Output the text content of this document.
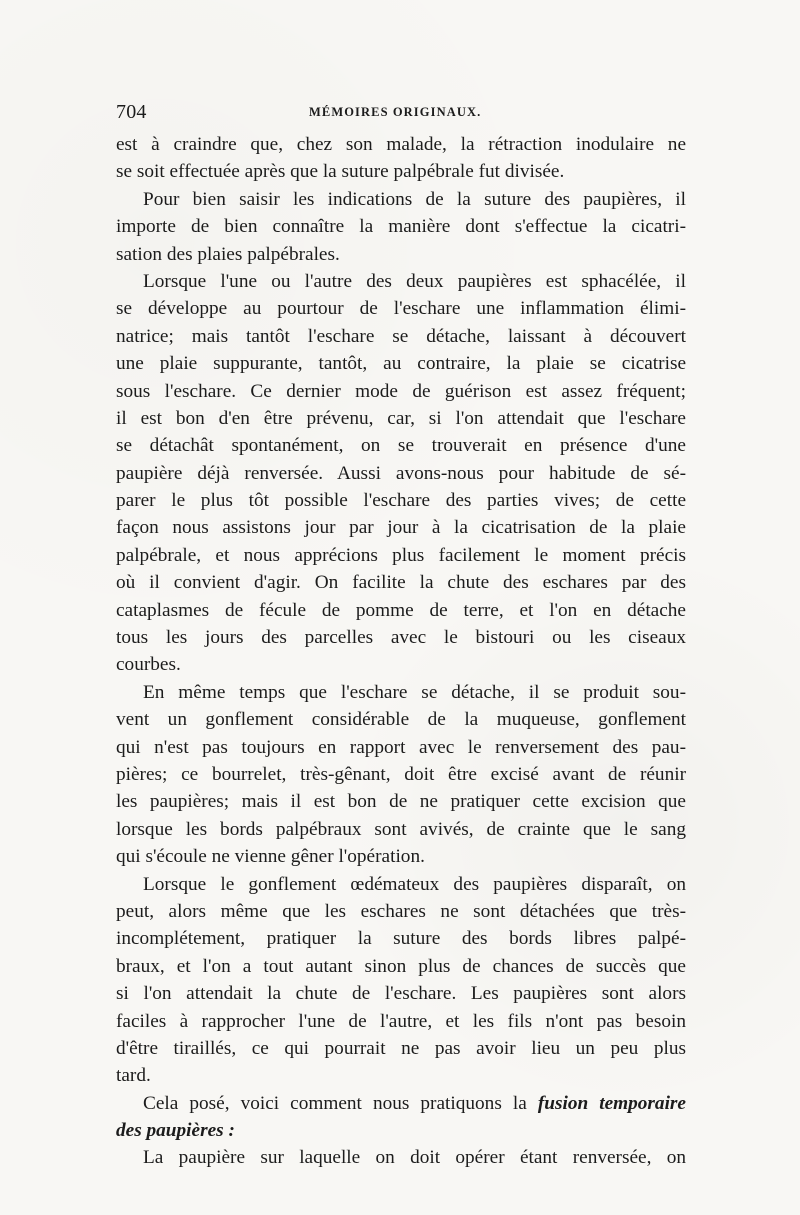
704	MÉMOIRES ORIGINAUX.
est à craindre que, chez son malade, la rétraction inodulaire ne
se soit effectuée après que la suture palpébrale fut divisée.
Pour bien saisir les indications de la suture des paupières, il
importe de bien connaître la manière dont s'effectue la cicatri-
sation des plaies palpébrales.
Lorsque l'une ou l'autre des deux paupières est sphacélée, il
se développe au pourtour de l'eschare une inflammation élimi-
natrice; mais tantôt l'eschare se détache, laissant à découvert
une plaie suppurante, tantôt, au contraire, la plaie se cicatrise
sous l'eschare. Ce dernier mode de guérison est assez fréquent;
il est bon d'en être prévenu, car, si l'on attendait que l'eschare
se détachât spontanément, on se trouverait en présence d'une
paupière déjà renversée. Aussi avons-nous pour habitude de sé-
parer le plus tôt possible l'eschare des parties vives; de cette
façon nous assistons jour par jour à la cicatrisation de la plaie
palpébrale, et nous apprécions plus facilement le moment précis
où il convient d'agir. On facilite la chute des eschares par des
cataplasmes de fécule de pomme de terre, et l'on en détache
tous les jours des parcelles avec le bistouri ou les ciseaux
courbes.
En même temps que l'eschare se détache, il se produit sou-
vent un gonflement considérable de la muqueuse, gonflement
qui n'est pas toujours en rapport avec le renversement des pau-
pières; ce bourrelet, très-gênant, doit être excisé avant de réunir
les paupières; mais il est bon de ne pratiquer cette excision que
lorsque les bords palpébraux sont avivés, de crainte que le sang
qui s'écoule ne vienne gêner l'opération.
Lorsque le gonflement œdémateux des paupières disparaît, on
peut, alors même que les eschares ne sont détachées que très-
incomplétement, pratiquer la suture des bords libres palpé-
braux, et l'on a tout autant sinon plus de chances de succès que
si l'on attendait la chute de l'eschare. Les paupières sont alors
faciles à rapprocher l'une de l'autre, et les fils n'ont pas besoin
d'être tiraillés, ce qui pourrait ne pas avoir lieu un peu plus
tard.
Cela posé, voici comment nous pratiquons la fusion temporaire
des paupières :
La paupière sur laquelle on doit opérer étant renversée, on
